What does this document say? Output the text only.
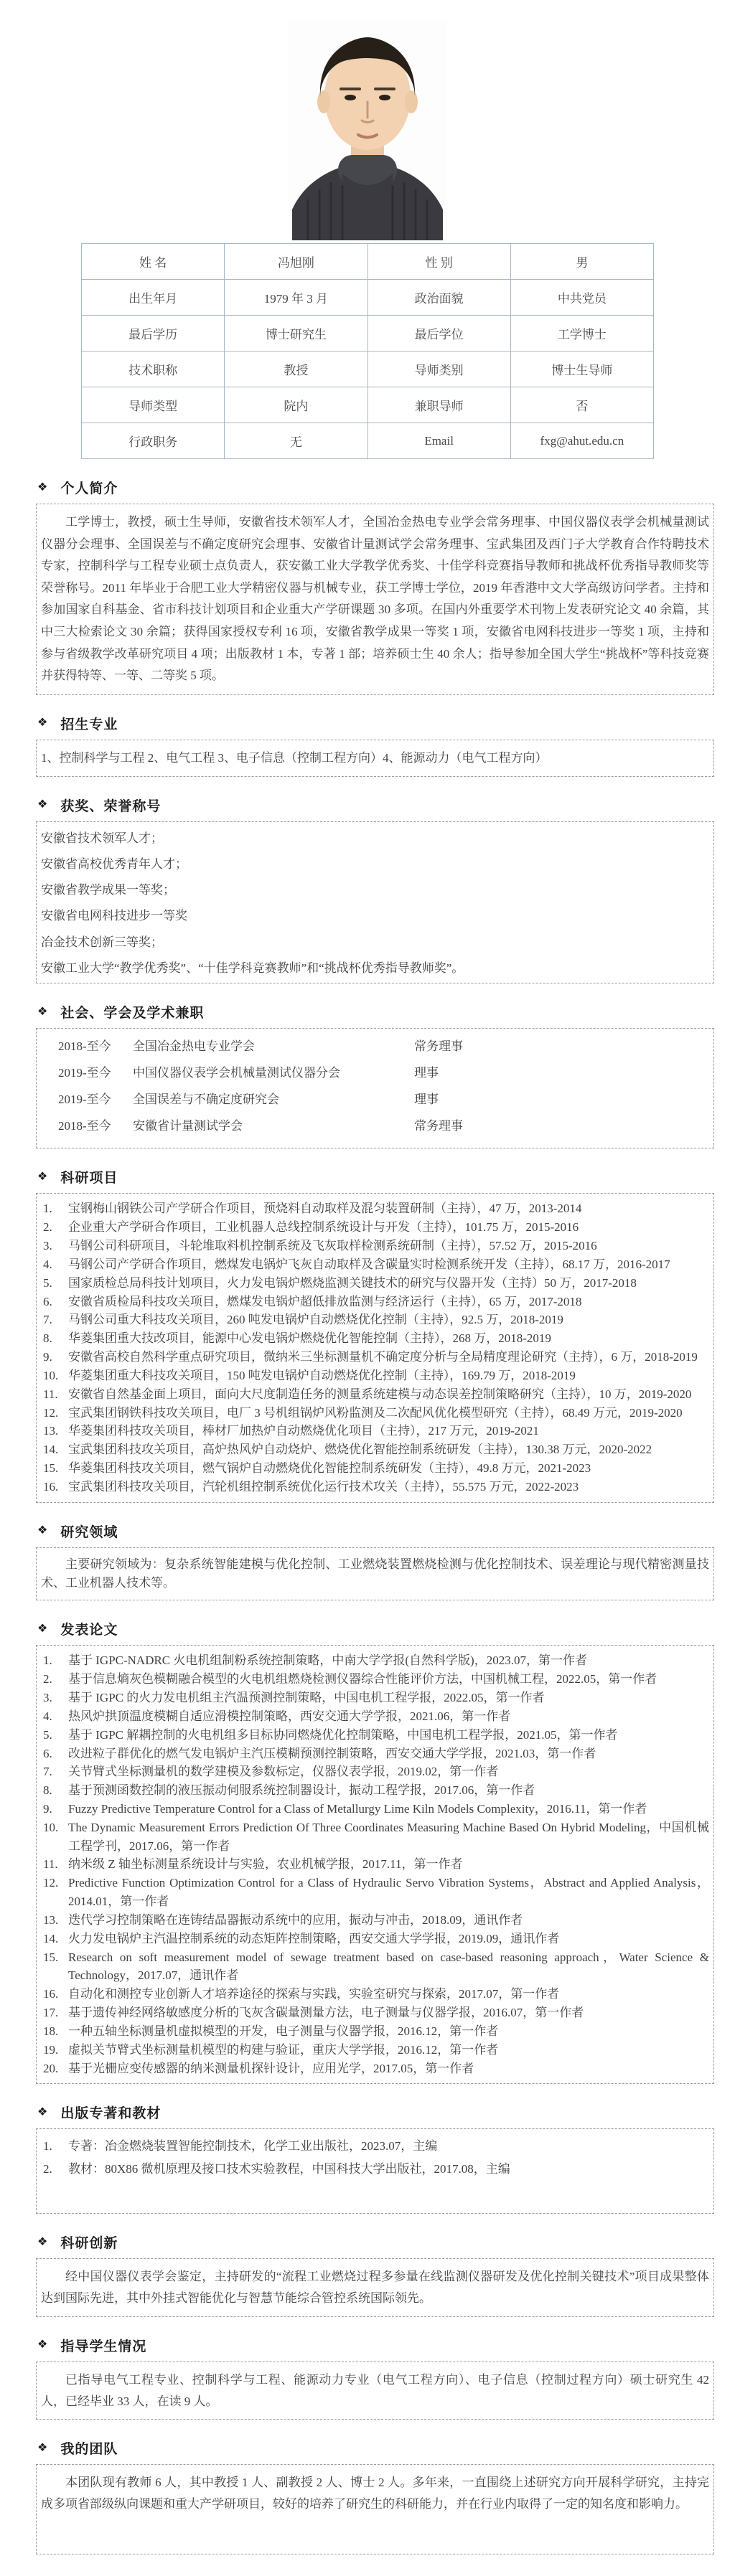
姓 名	冯旭刚	性 别	男
出生年月	1979 年 3 月	政治面貌	中共党员
最后学历	博士研究生	最后学位	工学博士
技术职称	教授	导师类别	博士生导师
导师类型	院内	兼职导师	否
行政职务	无	Email	fxg@ahut.edu.cn
❖ 个人简介

工学博士，教授，硕士生导师，安徽省技术领军人才，全国冶金热电专业学会常务理事、中国仪器仪表学会机械量测试仪器分会理事、全国误差与不确定度研究会理事、安徽省计量测试学会常务理事、宝武集团及西门子大学教育合作特聘技术专家，控制科学与工程专业硕士点负责人，获安徽工业大学教学优秀奖、十佳学科竞赛指导教师和挑战杯优秀指导教师奖等荣誉称号。2011 年毕业于合肥工业大学精密仪器与机械专业，获工学博士学位，2019 年香港中文大学高级访问学者。主持和参加国家自科基金、省市科技计划项目和企业重大产学研课题 30 多项。在国内外重要学术刊物上发表研究论文 40 余篇，其中三大检索论文 30 余篇；获得国家授权专利 16 项，安徽省教学成果一等奖 1 项，安徽省电网科技进步一等奖 1 项，主持和参与省级教学改革研究项目 4 项；出版教材 1 本，专著 1 部；培养硕士生 40 余人；指导参加全国大学生“挑战杯”等科技竞赛并获得特等、一等、二等奖 5 项。

❖ 招生专业

1、控制科学与工程 2、电气工程 3、电子信息（控制工程方向）4、能源动力（电气工程方向）

❖ 获奖、荣誉称号

安徽省技术领军人才；

安徽省高校优秀青年人才；

安徽省教学成果一等奖；

安徽省电网科技进步一等奖

冶金技术创新三等奖；

安徽工业大学“教学优秀奖”、“十佳学科竞赛教师”和“挑战杯优秀指导教师奖”。

❖ 社会、学会及学术兼职
2018-至今	全国冶金热电专业学会	常务理事
2019-至今	中国仪器仪表学会机械量测试仪器分会	理事
2019-至今	全国误差与不确定度研究会	理事
2018-至今	安徽省计量测试学会	常务理事
❖ 科研项目
宝钢梅山钢铁公司产学研合作项目，预烧料自动取样及混匀装置研制（主持），47 万，2013-2014
企业重大产学研合作项目，工业机器人总线控制系统设计与开发（主持），101.75 万，2015-2016
马钢公司科研项目，斗轮堆取料机控制系统及飞灰取样检测系统研制（主持），57.52 万，2015-2016
马钢公司产学研合作项目，燃煤发电锅炉飞灰自动取样及含碳量实时检测系统开发（主持），68.17 万，2016-2017
国家质检总局科技计划项目，火力发电锅炉燃烧监测关键技术的研究与仪器开发（主持）50 万，2017-2018
安徽省质检局科技攻关项目，燃煤发电锅炉超低排放监测与经济运行（主持），65 万，2017-2018
马钢公司重大科技攻关项目，260 吨发电锅炉自动燃烧优化控制（主持），92.5 万，2018-2019
华菱集团重大技改项目，能源中心发电锅炉燃烧优化智能控制（主持），268 万，2018-2019
安徽省高校自然科学重点研究项目，微纳米三坐标测量机不确定度分析与全局精度理论研究（主持），6 万，2018-2019
华菱集团重大科技攻关项目，150 吨发电锅炉自动燃烧优化控制（主持），169.79 万，2018-2019
安徽省自然基金面上项目，面向大尺度制造任务的测量系统建模与动态误差控制策略研究（主持），10 万，2019-2020
宝武集团钢铁科技攻关项目，电厂 3 号机组锅炉风粉监测及二次配风优化模型研究（主持），68.49 万元，2019-2020
华菱集团科技攻关项目，棒材厂加热炉自动燃烧优化项目（主持），217 万元，2019-2021
宝武集团科技攻关项目，高炉热风炉自动烧炉、燃烧优化智能控制系统研发（主持），130.38 万元，2020-2022
华菱集团科技攻关项目，燃气锅炉自动燃烧优化智能控制系统研发（主持），49.8 万元，2021-2023
宝武集团科技攻关项目，汽轮机组控制系统优化运行技术攻关（主持），55.575 万元，2022-2023
❖ 研究领域

主要研究领域为：复杂系统智能建模与优化控制、工业燃烧装置燃烧检测与优化控制技术、误差理论与现代精密测量技术、工业机器人技术等。

❖ 发表论文
基于 IGPC-NADRC 火电机组制粉系统控制策略，中南大学学报(自然科学版)，2023.07，第一作者
基于信息熵灰色模糊融合模型的火电机组燃烧检测仪器综合性能评价方法，中国机械工程，2022.05，第一作者
基于 IGPC 的火力发电机组主汽温预测控制策略，中国电机工程学报，2022.05，第一作者
热风炉拱顶温度模糊自适应滑模控制策略，西安交通大学学报，2021.06，第一作者
基于 IGPC 解耦控制的火电机组多目标协同燃烧优化控制策略，中国电机工程学报，2021.05，第一作者
改进粒子群优化的燃气发电锅炉主汽压模糊预测控制策略，西安交通大学学报，2021.03，第一作者
关节臂式坐标测量机的数学建模及参数标定，仪器仪表学报，2019.02，第一作者
基于预测函数控制的液压振动伺服系统控制器设计，振动工程学报，2017.06，第一作者
Fuzzy Predictive Temperature Control for a Class of Metallurgy Lime Kiln Models Complexity，2016.11，第一作者
The Dynamic Measurement Errors Prediction Of Three Coordinates Measuring Machine Based On Hybrid Modeling，中国机械工程学刊，2017.06，第一作者
纳米级 Z 轴坐标测量系统设计与实验，农业机械学报，2017.11，第一作者
Predictive Function Optimization Control for a Class of Hydraulic Servo Vibration Systems，Abstract and Applied Analysis，2014.01，第一作者
迭代学习控制策略在连铸结晶器振动系统中的应用，振动与冲击，2018.09，通讯作者
火力发电锅炉主汽温控制系统的动态矩阵控制策略，西安交通大学学报，2019.09，通讯作者
Research on soft measurement model of sewage treatment based on case-based reasoning approach，Water Science & Technology，2017.07，通讯作者
自动化和测控专业创新人才培养途径的探索与实践，实验室研究与探索，2017.07，第一作者
基于遗传神经网络敏感度分析的飞灰含碳量测量方法，电子测量与仪器学报，2016.07，第一作者
一种五轴坐标测量机虚拟模型的开发，电子测量与仪器学报，2016.12，第一作者
虚拟关节臂式坐标测量机模型的构建与验证，重庆大学学报，2016.12，第一作者
基于光栅应变传感器的纳米测量机探针设计，应用光学，2017.05，第一作者
❖ 出版专著和教材
专著：冶金燃烧装置智能控制技术，化学工业出版社，2023.07，主编
教材：80X86 微机原理及接口技术实验教程，中国科技大学出版社，2017.08，主编
❖ 科研创新

经中国仪器仪表学会鉴定，主持研发的“流程工业燃烧过程多参量在线监测仪器研发及优化控制关键技术”项目成果整体达到国际先进，其中外挂式智能优化与智慧节能综合管控系统国际领先。

❖ 指导学生情况

已指导电气工程专业、控制科学与工程、能源动力专业（电气工程方向）、电子信息（控制过程方向）硕士研究生 42 人，已经毕业 33 人，在读 9 人。

❖ 我的团队

本团队现有教师 6 人，其中教授 1 人、副教授 2 人、博士 2 人。多年来，一直围绕上述研究方向开展科学研究，主持完成多项省部级纵向课题和重大产学研项目，较好的培养了研究生的科研能力，并在行业内取得了一定的知名度和影响力。
